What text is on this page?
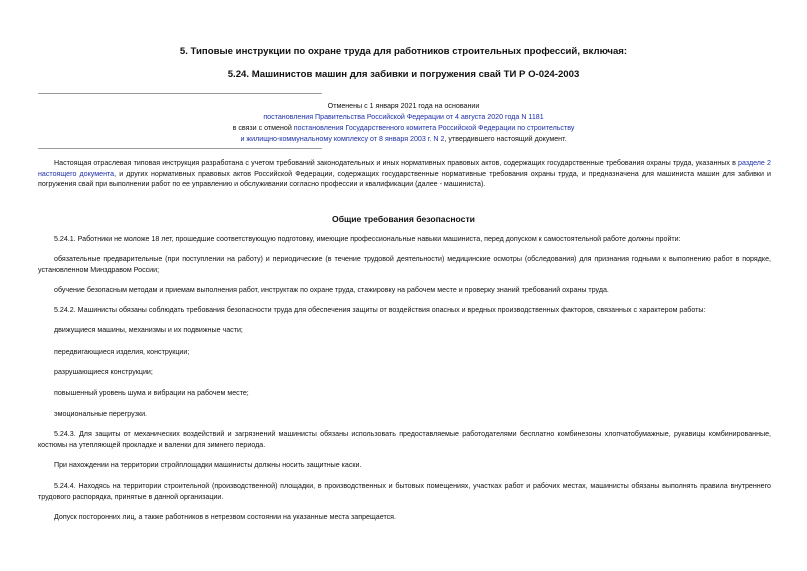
5. Типовые инструкции по охране труда для работников строительных профессий, включая:
5.24. Машинистов машин для забивки и погружения свай ТИ Р О-024-2003
Отменены с 1 января 2021 года на основании
постановления Правительства Российской Федерации от 4 августа 2020 года N 1181
в связи с отменой постановления Государственного комитета Российской Федерации по строительству
и жилищно-коммунальному комплексу от 8 января 2003 г. N 2, утвердившего настоящий документ.

Настоящая отраслевая типовая инструкция разработана с учетом требований законодательных и иных нормативных правовых актов, содержащих государственные требования охраны труда, указанных в разделе 2 настоящего документа, и других нормативных правовых актов Российской Федерации, содержащих государственные нормативные требования охраны труда, и предназначена для машиниста машин для забивки и погружения свай при выполнении работ по ее управлению и обслуживании согласно профессии и квалификации (далее - машиниста).

Общие требования безопасности

5.24.1. Работники не моложе 18 лет, прошедшие соответствующую подготовку, имеющие профессиональные навыки машиниста, перед допуском к самостоятельной работе должны пройти:

обязательные предварительные (при поступлении на работу) и периодические (в течение трудовой деятельности) медицинские осмотры (обследования) для признания годными к выполнению работ в порядке, установленном Минздравом России;

обучение безопасным методам и приемам выполнения работ, инструктаж по охране труда, стажировку на рабочем месте и проверку знаний требований охраны труда.

5.24.2. Машинисты обязаны соблюдать требования безопасности труда для обеспечения защиты от воздействия опасных и вредных производственных факторов, связанных с характером работы:

движущиеся машины, механизмы и их подвижные части;

передвигающиеся изделия, конструкции;

разрушающиеся конструкции;

повышенный уровень шума и вибрации на рабочем месте;

эмоциональные перегрузки.

5.24.3. Для защиты от механических воздействий и загрязнений машинисты обязаны использовать предоставляемые работодателями бесплатно комбинезоны хлопчатобумажные, рукавицы комбинированные, костюмы на утепляющей прокладке и валенки для зимнего периода.

При нахождении на территории стройплощадки машинисты должны носить защитные каски.

5.24.4. Находясь на территории строительной (производственной) площадки, в производственных и бытовых помещениях, участках работ и рабочих местах, машинисты обязаны выполнять правила внутреннего трудового распорядка, принятые в данной организации.

Допуск посторонних лиц, а также работников в нетрезвом состоянии на указанные места запрещается.
